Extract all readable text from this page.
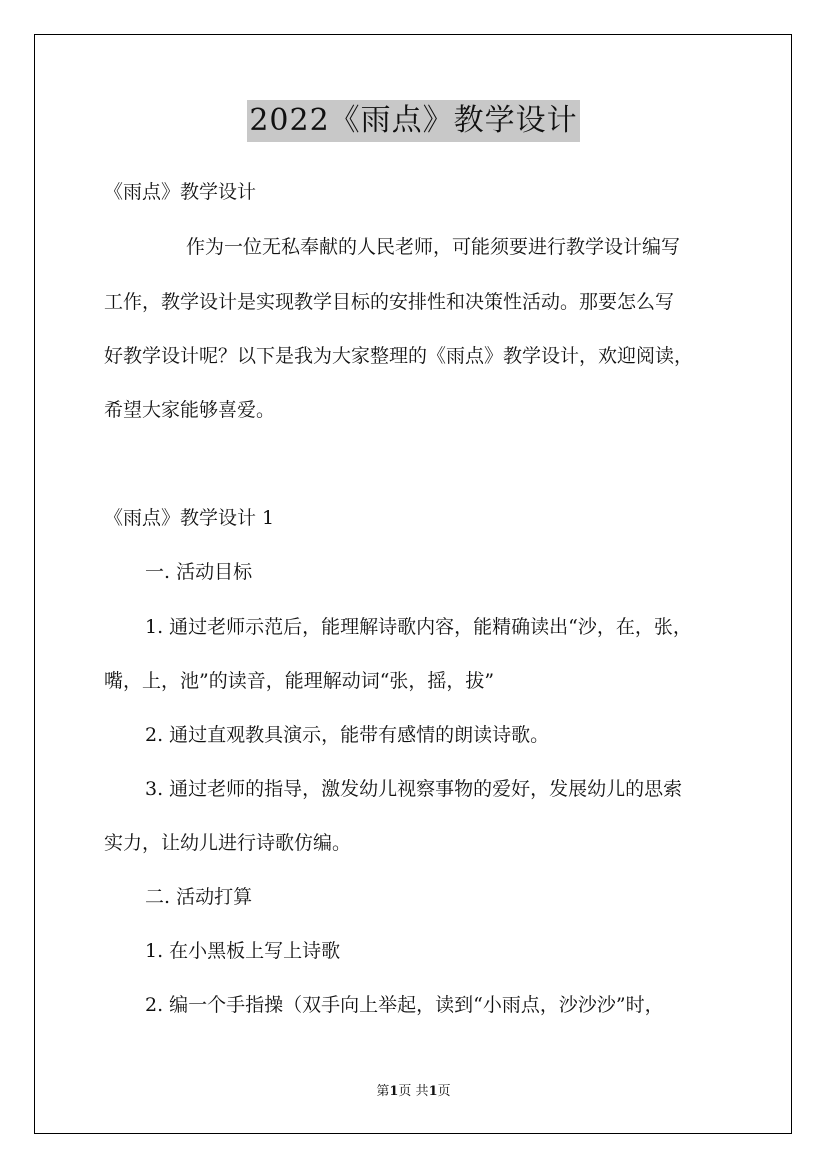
2022《雨点》教学设计
《雨点》教学设计
作为一位无私奉献的人民老师，可能须要进行教学设计编写
工作，教学设计是实现教学目标的安排性和决策性活动。那要怎么写
好教学设计呢？以下是我为大家整理的《雨点》教学设计，欢迎阅读，
希望大家能够喜爱。
《雨点》教学设计 1
一. 活动目标
1. 通过老师示范后，能理解诗歌内容，能精确读出“沙，在，张，
嘴，上，池”的读音，能理解动词“张，摇，拔”
2. 通过直观教具演示，能带有感情的朗读诗歌。
3. 通过老师的指导，激发幼儿视察事物的爱好，发展幼儿的思索
实力，让幼儿进行诗歌仿编。
二. 活动打算
1. 在小黑板上写上诗歌
2. 编一个手指操（双手向上举起，读到“小雨点，沙沙沙”时，
第1页 共1页
